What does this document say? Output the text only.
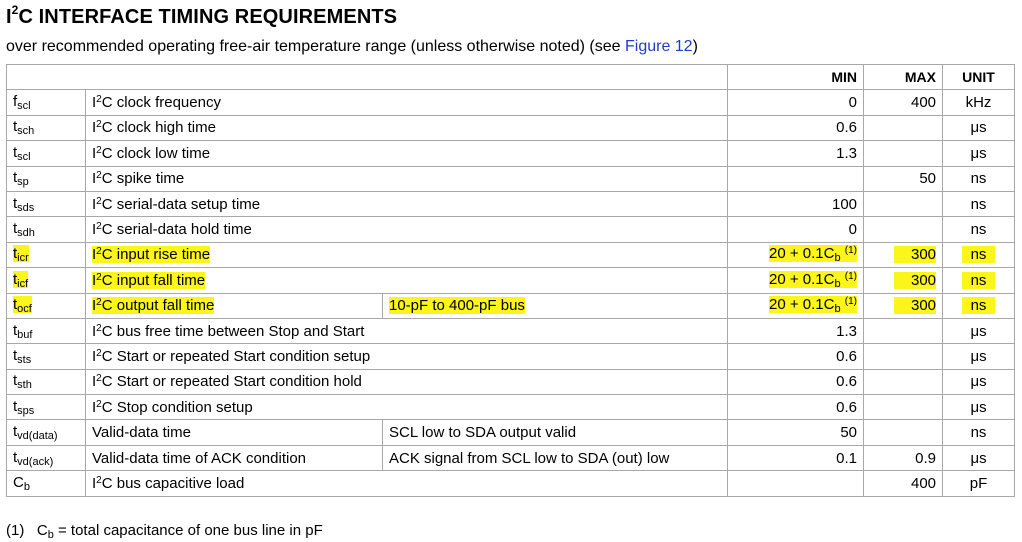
$I^2C$ INTERFACE TIMING REQUIREMENTS
over recommended operating free-air temperature range (unless otherwise noted) (see Figure 12)
			MIN	MAX	UNIT
$f_{scl}$	$I^2C$ clock frequency		0	400	kHz
$t_{sch}$	$I^2C$ clock high time		0.6		μs
$t_{scl}$	$I^2C$ clock low time		1.3		μs
$t_{sp}$	$I^2C$ spike time			50	ns
$t_{sds}$	$I^2C$ serial-data setup time		100		ns
$t_{sdh}$	$I^2C$ serial-data hold time		0		ns
$t_{icr}$	$I^2C$ input rise time		$20 + 0.1C_b$ $^{(1)}$	300	ns
$t_{icf}$	$I^2C$ input fall time		$20 + 0.1C_b$ $^{(1)}$	300	ns
$t_{ocf}$	$I^2C$ output fall time	10-pF to 400-pF bus	$20 + 0.1C_b$ $^{(1)}$	300	ns
$t_{buf}$	$I^2C$ bus free time between Stop and Start		1.3		μs
$t_{sts}$	$I^2C$ Start or repeated Start condition setup		0.6		μs
$t_{sth}$	$I^2C$ Start or repeated Start condition hold		0.6		μs
$t_{sps}$	$I^2C$ Stop condition setup		0.6		μs
$t_{vd(data)}$	Valid-data time	SCL low to SDA output valid	50		ns
$t_{vd(ack)}$	Valid-data time of ACK condition	ACK signal from SCL low to SDA (out) low	0.1	0.9	μs
$C_b$	$I^2C$ bus capacitive load			400	pF
(1) $C_b$ = total capacitance of one bus line in pF
